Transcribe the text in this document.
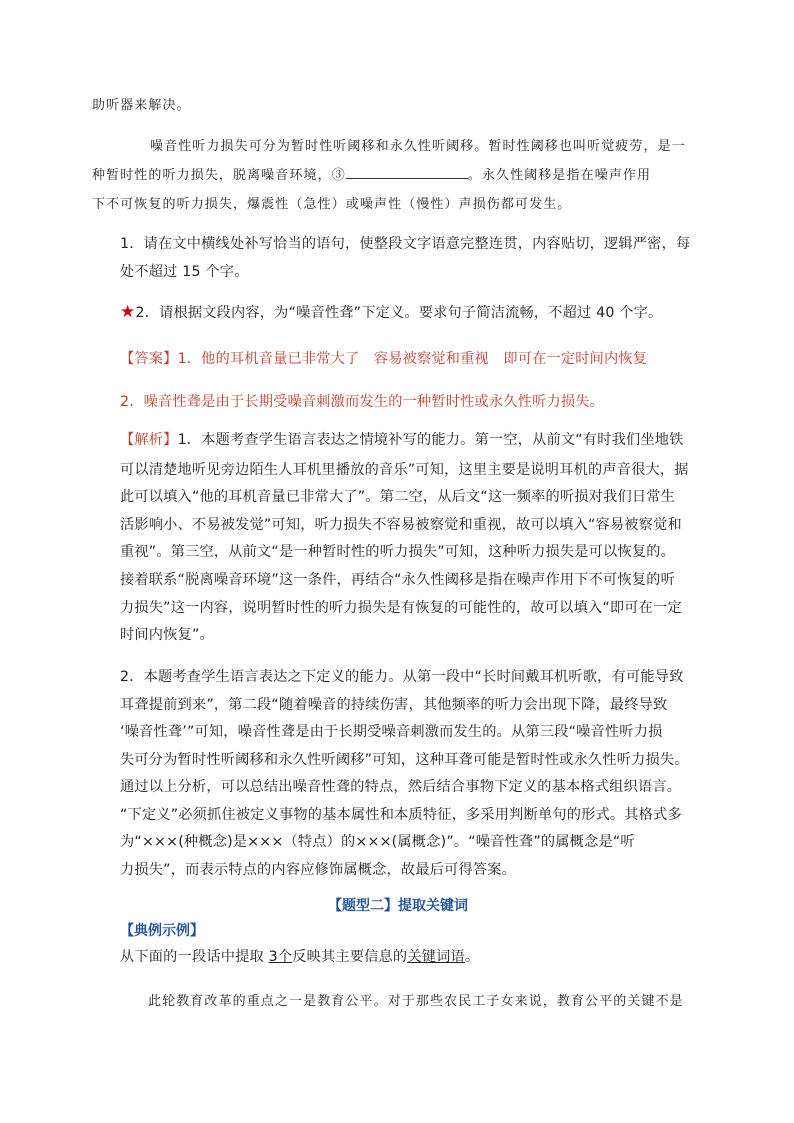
助听器来解决。
噪音性听力损失可分为暂时性听阈移和永久性听阈移。暂时性阈移也叫听觉疲劳，是一
种暂时性的听力损失，脱离噪音环境，③	。永久性阈移是指在噪声作用
下不可恢复的听力损失，爆震性（急性）或噪声性（慢性）声损伤都可发生。
1．请在文中横线处补写恰当的语句，使整段文字语意完整连贯，内容贴切，逻辑严密，每
处不超过 15 个字。
★2．请根据文段内容，为“噪音性聋”下定义。要求句子简洁流畅，不超过 40 个字。
【答案】1．他的耳机音量已非常大了　容易被察觉和重视　即可在一定时间内恢复
2．噪音性聋是由于长期受噪音刺激而发生的一种暂时性或永久性听力损失。
【解析】1．本题考查学生语言表达之情境补写的能力。第一空，从前文“有时我们坐地铁
可以清楚地听见旁边陌生人耳机里播放的音乐”可知，这里主要是说明耳机的声音很大，据
此可以填入“他的耳机音量已非常大了”。第二空，从后文“这一频率的听损对我们日常生
活影响小、不易被发觉”可知，听力损失不容易被察觉和重视，故可以填入“容易被察觉和
重视”。第三空，从前文“是一种暂时性的听力损失”可知，这种听力损失是可以恢复的。
接着联系“脱离噪音环境”这一条件，再结合“永久性阈移是指在噪声作用下不可恢复的听
力损失”这一内容，说明暂时性的听力损失是有恢复的可能性的，故可以填入“即可在一定
时间内恢复”。
2．本题考查学生语言表达之下定义的能力。从第一段中“长时间戴耳机听歌，有可能导致
耳聋提前到来”，第二段“随着噪音的持续伤害，其他频率的听力会出现下降，最终导致
‘噪音性聋’”可知，噪音性聋是由于长期受噪音刺激而发生的。从第三段“噪音性听力损
失可分为暂时性听阈移和永久性听阈移”可知，这种耳聋可能是暂时性或永久性听力损失。
通过以上分析，可以总结出噪音性聋的特点，然后结合事物下定义的基本格式组织语言。
“下定义”必须抓住被定义事物的基本属性和本质特征，多采用判断单句的形式。其格式多
为“×××(种概念)是×××（特点）的×××(属概念)”。“噪音性聋”的属概念是“听
力损失”，而表示特点的内容应修饰属概念，故最后可得答案。
【题型二】提取关键词
【典例示例】
从下面的一段话中提取 3个反映其主要信息的关键词语。
此轮教育改革的重点之一是教育公平。对于那些农民工子女来说，教育公平的关键不是
